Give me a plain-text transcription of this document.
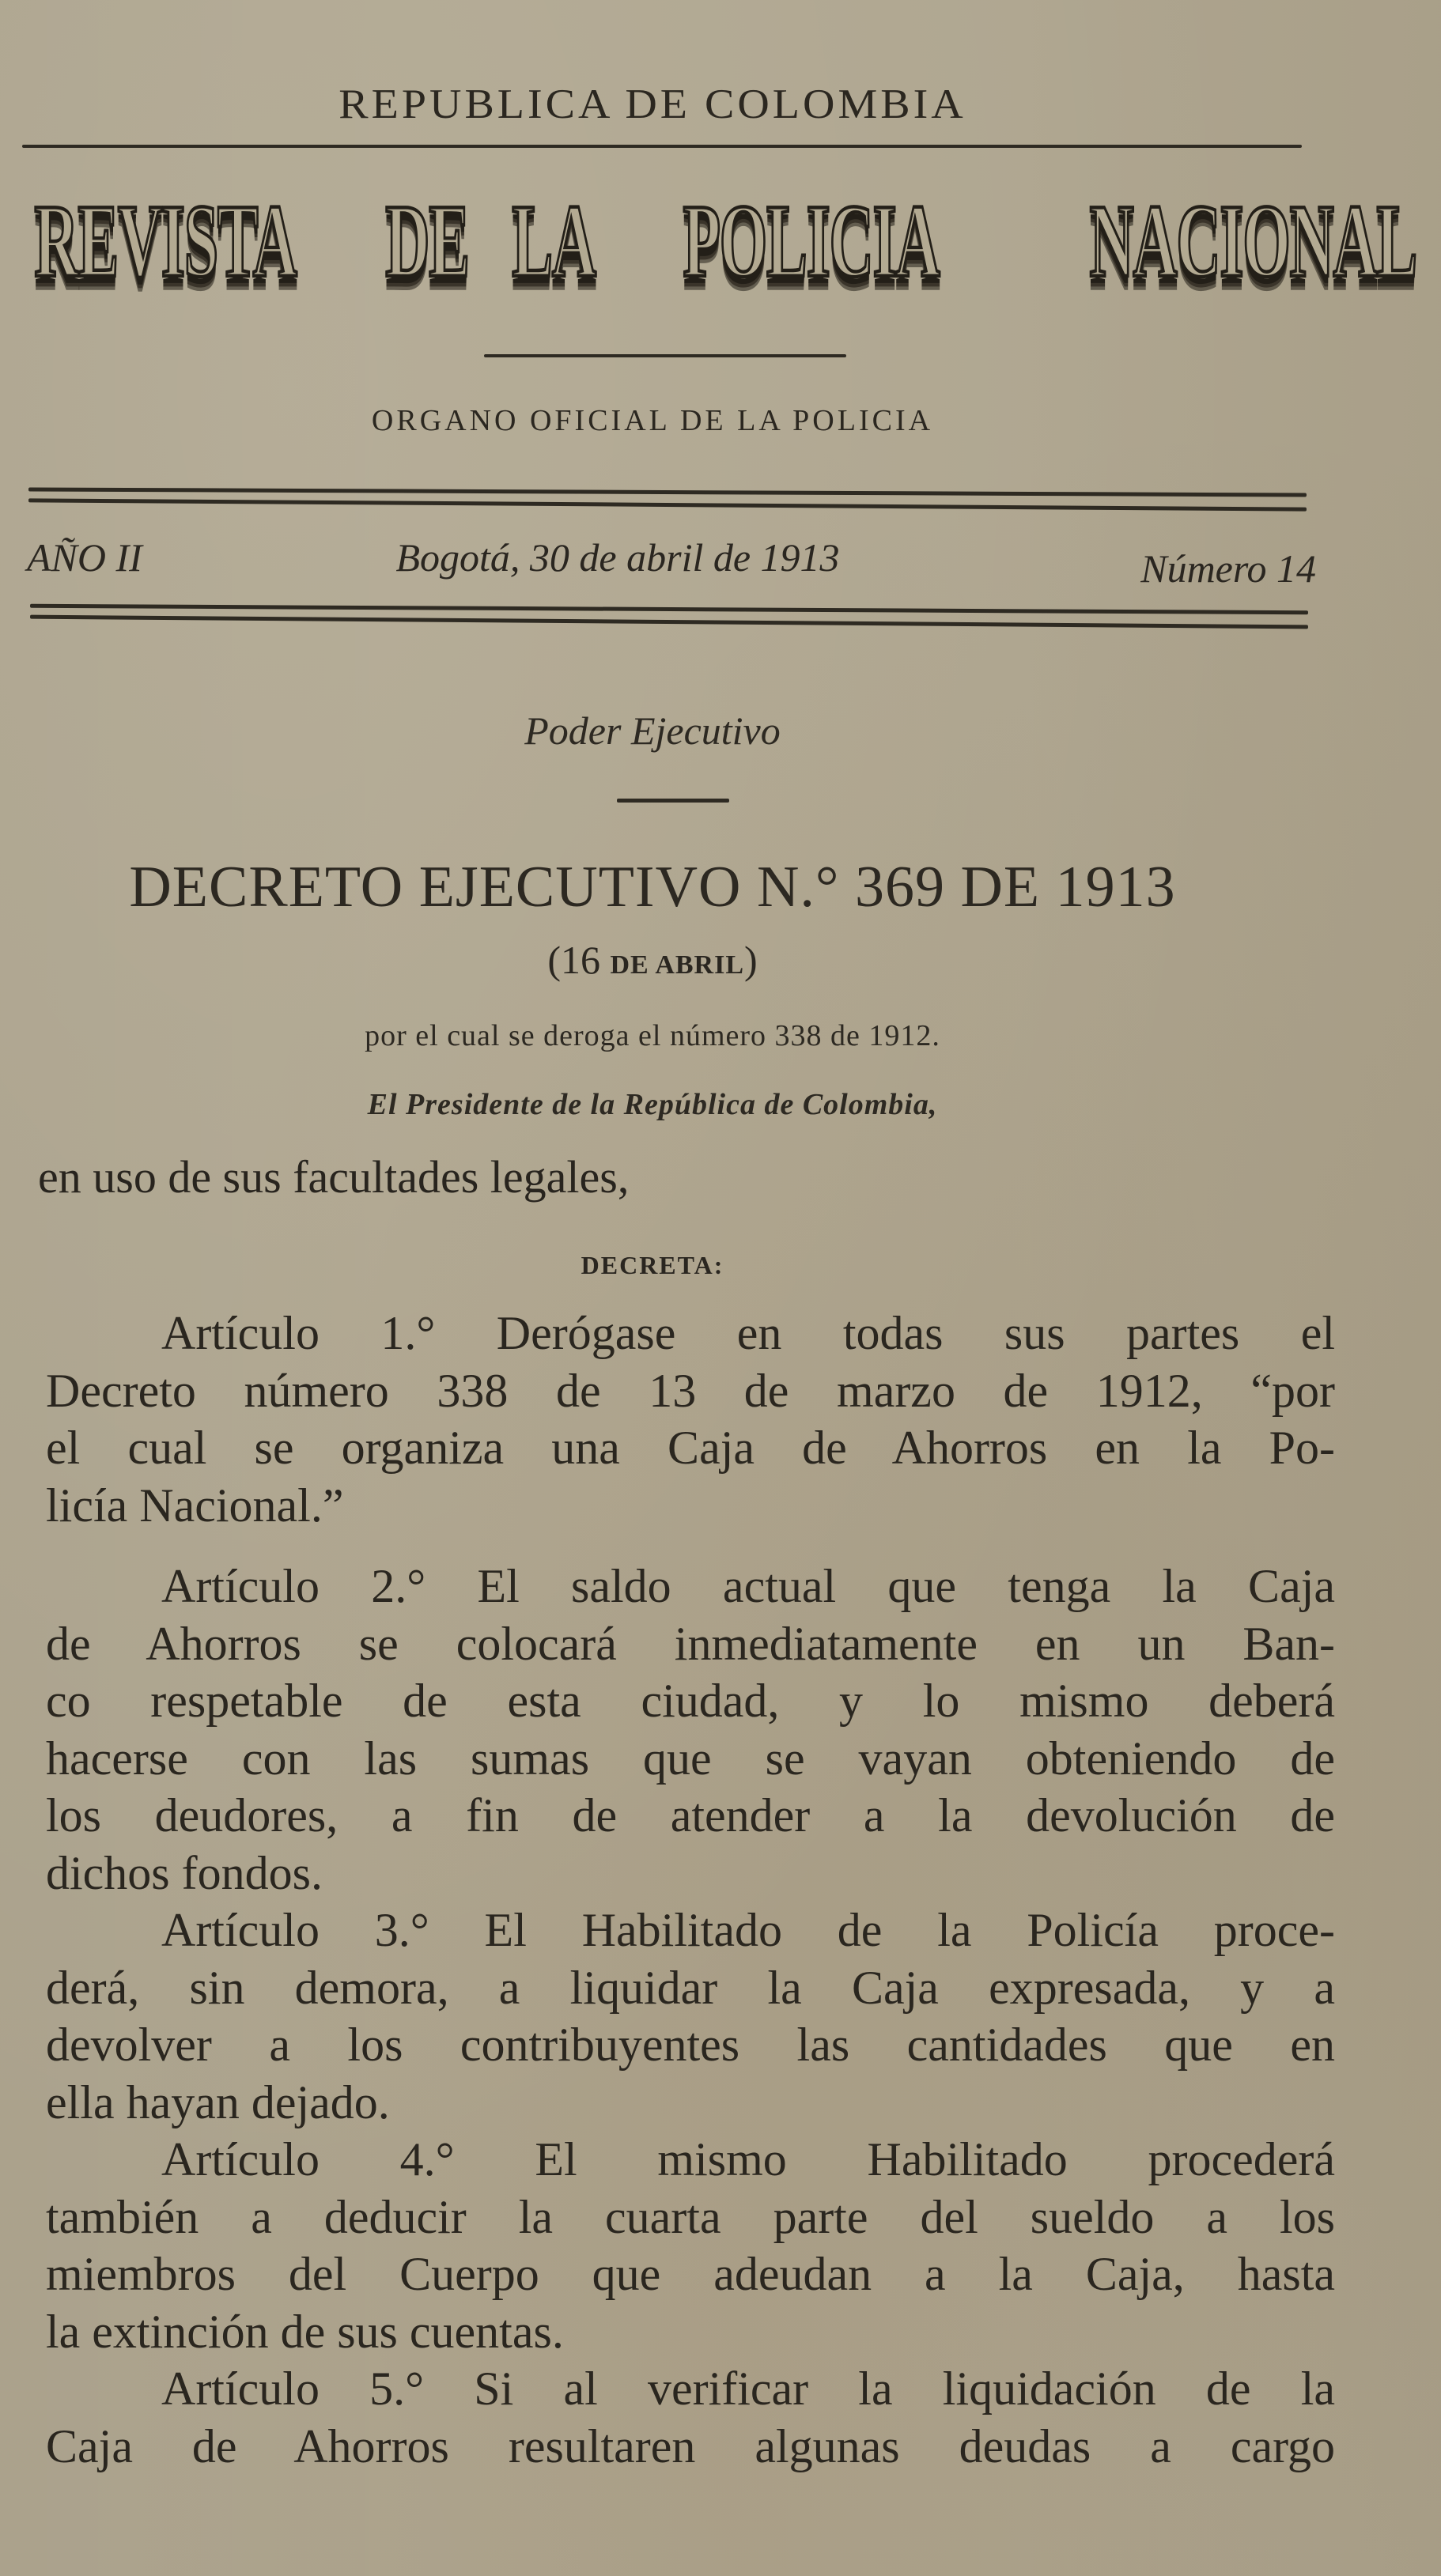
REPUBLICA DE COLOMBIA
REVISTA DE LA POLICIA NACIONAL
ORGANO OFICIAL DE LA POLICIA
AÑO II	Bogotá, 30 de abril de 1913	Número 14
Poder Ejecutivo
DECRETO EJECUTIVO N.° 369 DE 1913
(16 DE ABRIL)
por el cual se deroga el número 338 de 1912.
El Presidente de la República de Colombia,
en uso de sus facultades legales,
DECRETA:
Artículo 1.° Derógase en todas sus partes el
Decreto número 338 de 13 de marzo de 1912, “por
el cual se organiza una Caja de Ahorros en la Po-
licía Nacional.”
Artículo 2.° El saldo actual que tenga la Caja
de Ahorros se colocará inmediatamente en un Ban-
co respetable de esta ciudad, y lo mismo deberá
hacerse con las sumas que se vayan obteniendo de
los deudores, a fin de atender a la devolución de
dichos fondos.
Artículo 3.° El Habilitado de la Policía proce-
derá, sin demora, a liquidar la Caja expresada, y a
devolver a los contribuyentes las cantidades que en
ella hayan dejado.
Artículo 4.° El mismo Habilitado procederá
también a deducir la cuarta parte del sueldo a los
miembros del Cuerpo que adeudan a la Caja, hasta
la extinción de sus cuentas.
Artículo 5.° Si al verificar la liquidación de la
Caja de Ahorros resultaren algunas deudas a cargo
